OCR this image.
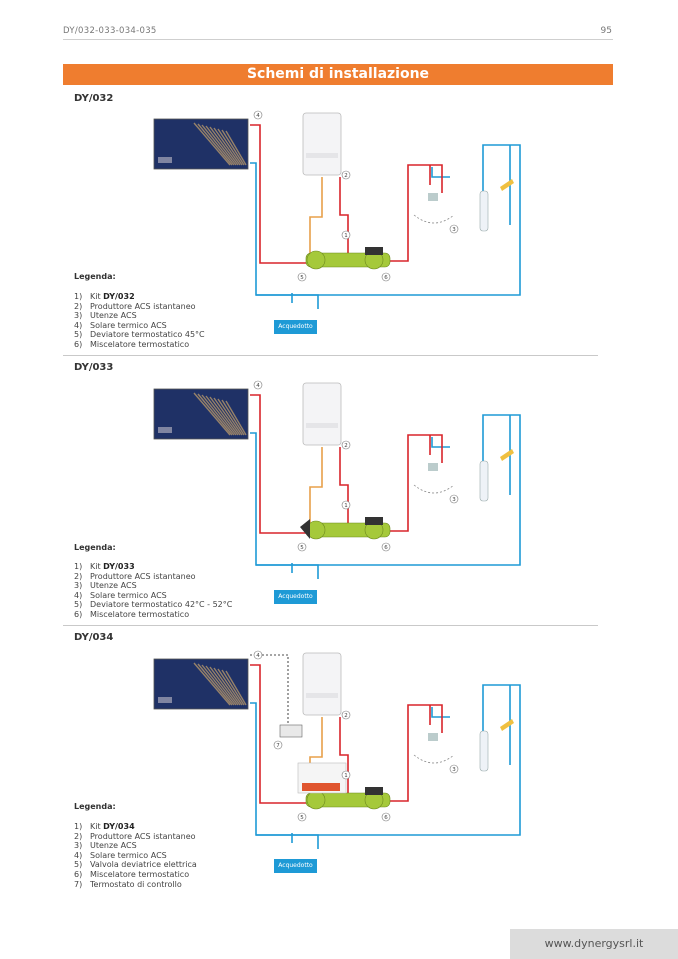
DY/032-033-034-035	95
Schemi di installazione
DY/032
4
2
1
3
5	6
Legenda:
1) Kit DY/032
2) Produttore ACS istantaneo
3) Utenze ACS
4) Solare termico ACS
5) Deviatore termostatico 45°C
6) Miscelatore termostatico
Acquedotto
DY/033
4
2
1
3
5	6
Legenda:
1) Kit DY/033
2) Produttore ACS istantaneo
3) Utenze ACS
4) Solare termico ACS
5) Deviatore termostatico 42°C - 52°C
6) Miscelatore termostatico
Acquedotto
DY/034
4
2
1
3
5	6
7
Legenda:
1) Kit DY/034
2) Produttore ACS istantaneo
3) Utenze ACS
4) Solare termico ACS
5) Valvola deviatrice elettrica
6) Miscelatore termostatico
7) Termostato di controllo
Acquedotto
www.dynergysrl.it
